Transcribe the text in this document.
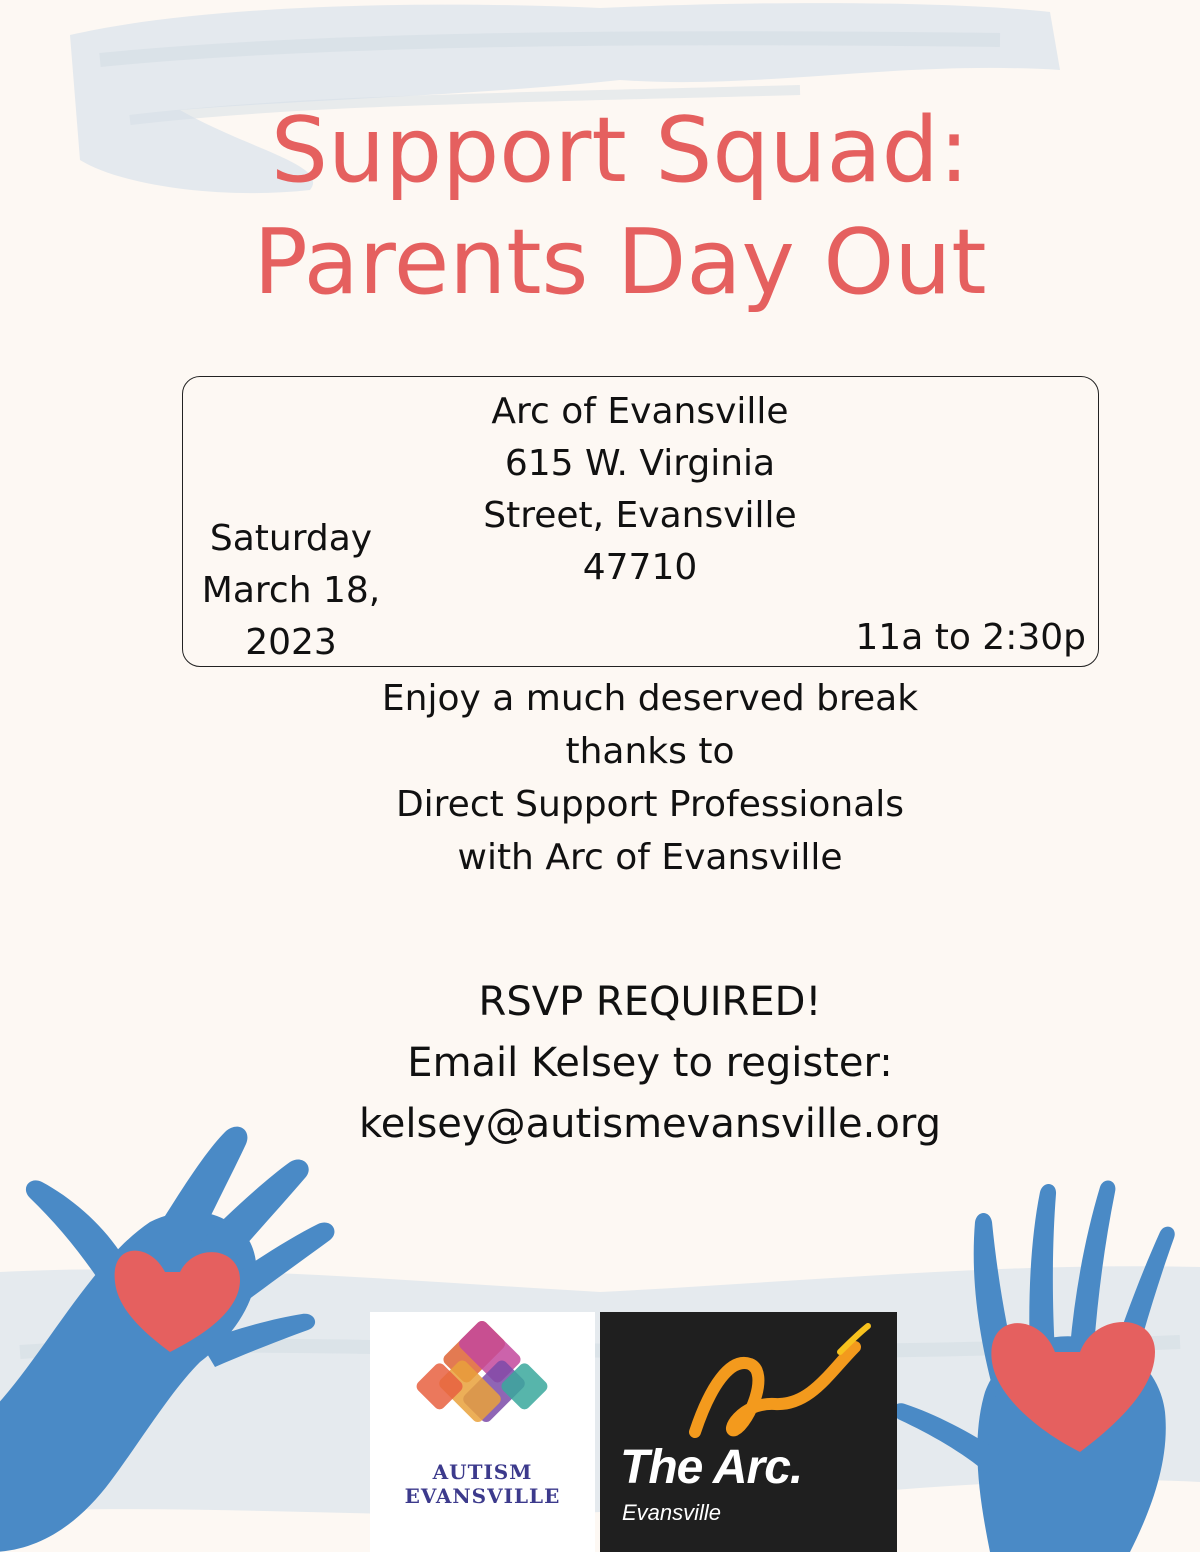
Support Squad:
Parents Day Out
Arc of Evansville
615 W. Virginia
Street, Evansville
47710
Saturday
March 18,
2023	11a to 2:30p
Enjoy a much deserved break
thanks to
Direct Support Professionals
with Arc of Evansville
RSVP REQUIRED!
Email Kelsey to register:
kelsey@autismevansville.org
AUTISM
EVANSVILLE
The Arc.
Evansville
